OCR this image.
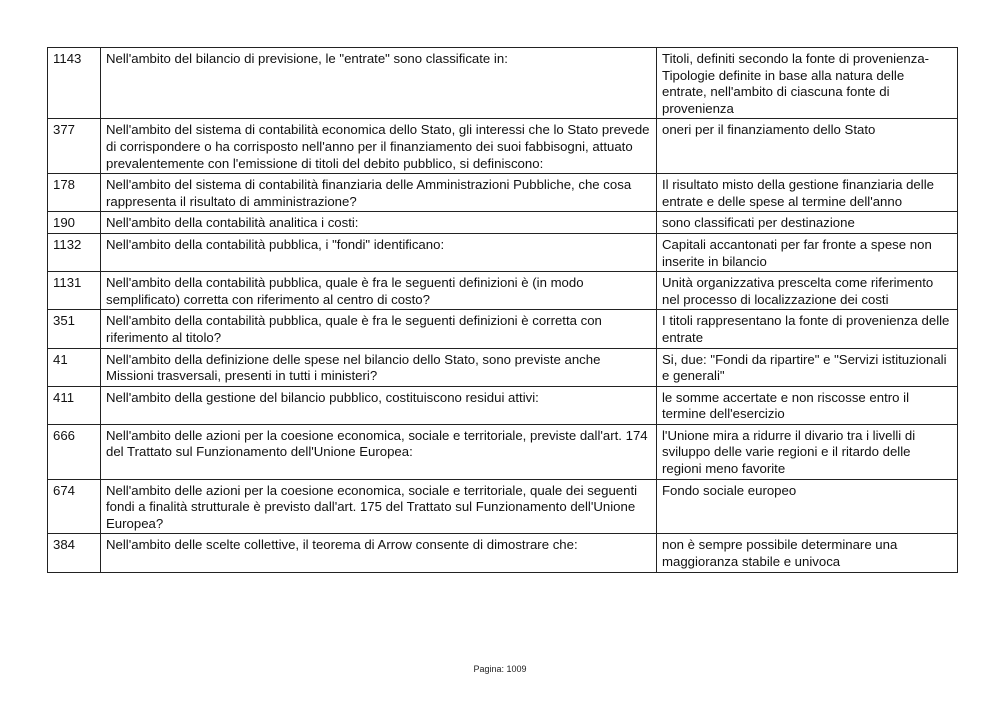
1143	Nell'ambito del bilancio di previsione, le "entrate" sono classificate in:	Titoli, definiti secondo la fonte di provenienza- Tipologie definite in base alla natura delle entrate, nell'ambito di ciascuna fonte di provenienza
377	Nell'ambito del sistema di contabilità economica dello Stato, gli interessi che lo Stato prevede di corrispondere o ha corrisposto nell'anno per il finanziamento dei suoi fabbisogni, attuato prevalentemente con l'emissione di titoli del debito pubblico, si definiscono:	oneri per il finanziamento dello Stato
178	Nell'ambito del sistema di contabilità finanziaria delle Amministrazioni Pubbliche, che cosa rappresenta il risultato di amministrazione?	Il risultato misto della gestione finanziaria delle entrate e delle spese al termine dell'anno
190	Nell'ambito della contabilità analitica i costi:	sono classificati per destinazione
1132	Nell'ambito della contabilità pubblica, i "fondi" identificano:	Capitali accantonati per far fronte a spese non inserite in bilancio
1131	Nell'ambito della contabilità pubblica, quale è fra le seguenti definizioni è (in modo semplificato) corretta con riferimento al centro di costo?	Unità organizzativa prescelta come riferimento nel processo di localizzazione dei costi
351	Nell'ambito della contabilità pubblica, quale è fra le seguenti definizioni è corretta con riferimento al titolo?	I titoli rappresentano la fonte di provenienza delle entrate
41	Nell'ambito della definizione delle spese nel bilancio dello Stato, sono previste anche Missioni trasversali, presenti in tutti i ministeri?	Si, due: "Fondi da ripartire" e "Servizi istituzionali e generali"
411	Nell'ambito della gestione del bilancio pubblico, costituiscono residui attivi:	le somme accertate e non riscosse entro il termine dell'esercizio
666	Nell'ambito delle azioni per la coesione economica, sociale e territoriale, previste dall'art. 174 del Trattato sul Funzionamento dell'Unione Europea:	l'Unione mira a ridurre il divario tra i livelli di sviluppo delle varie regioni e il ritardo delle regioni meno favorite
674	Nell'ambito delle azioni per la coesione economica, sociale e territoriale, quale dei seguenti fondi a finalità strutturale è previsto dall'art. 175 del Trattato sul Funzionamento dell'Unione Europea?	Fondo sociale europeo
384	Nell'ambito delle scelte collettive, il teorema di Arrow consente di dimostrare che:	non è sempre possibile determinare una maggioranza stabile e univoca
Pagina: 1009
